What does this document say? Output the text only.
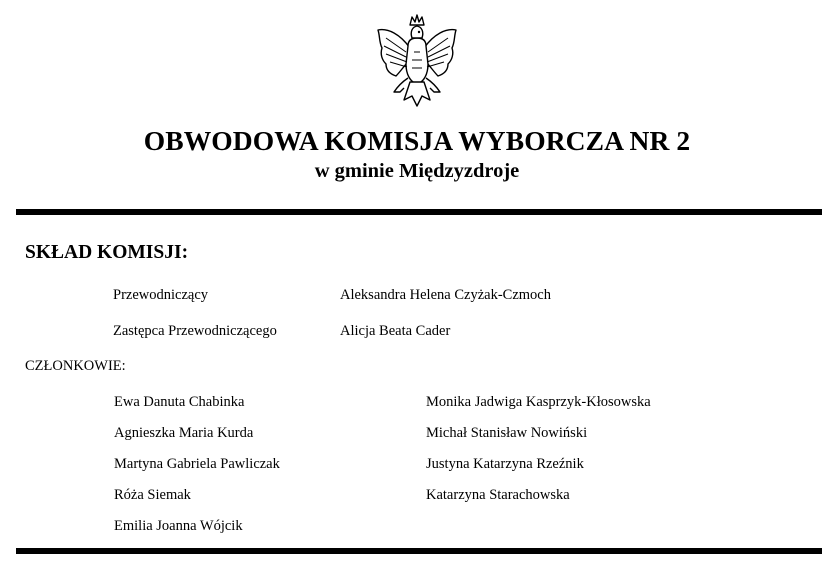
OBWODOWA KOMISJA WYBORCZA NR 2
w gminie Międzyzdroje
SKŁAD KOMISJI:
Przewodniczący	Aleksandra Helena Czyżak-Czmoch
Zastępca Przewodniczącego	Alicja Beata Cader
CZŁONKOWIE:
Ewa Danuta Chabinka
Agnieszka Maria Kurda
Martyna Gabriela Pawliczak
Róża Siemak
Emilia Joanna Wójcik
Monika Jadwiga Kasprzyk-Kłosowska
Michał Stanisław Nowiński
Justyna Katarzyna Rzeźnik
Katarzyna Starachowska
